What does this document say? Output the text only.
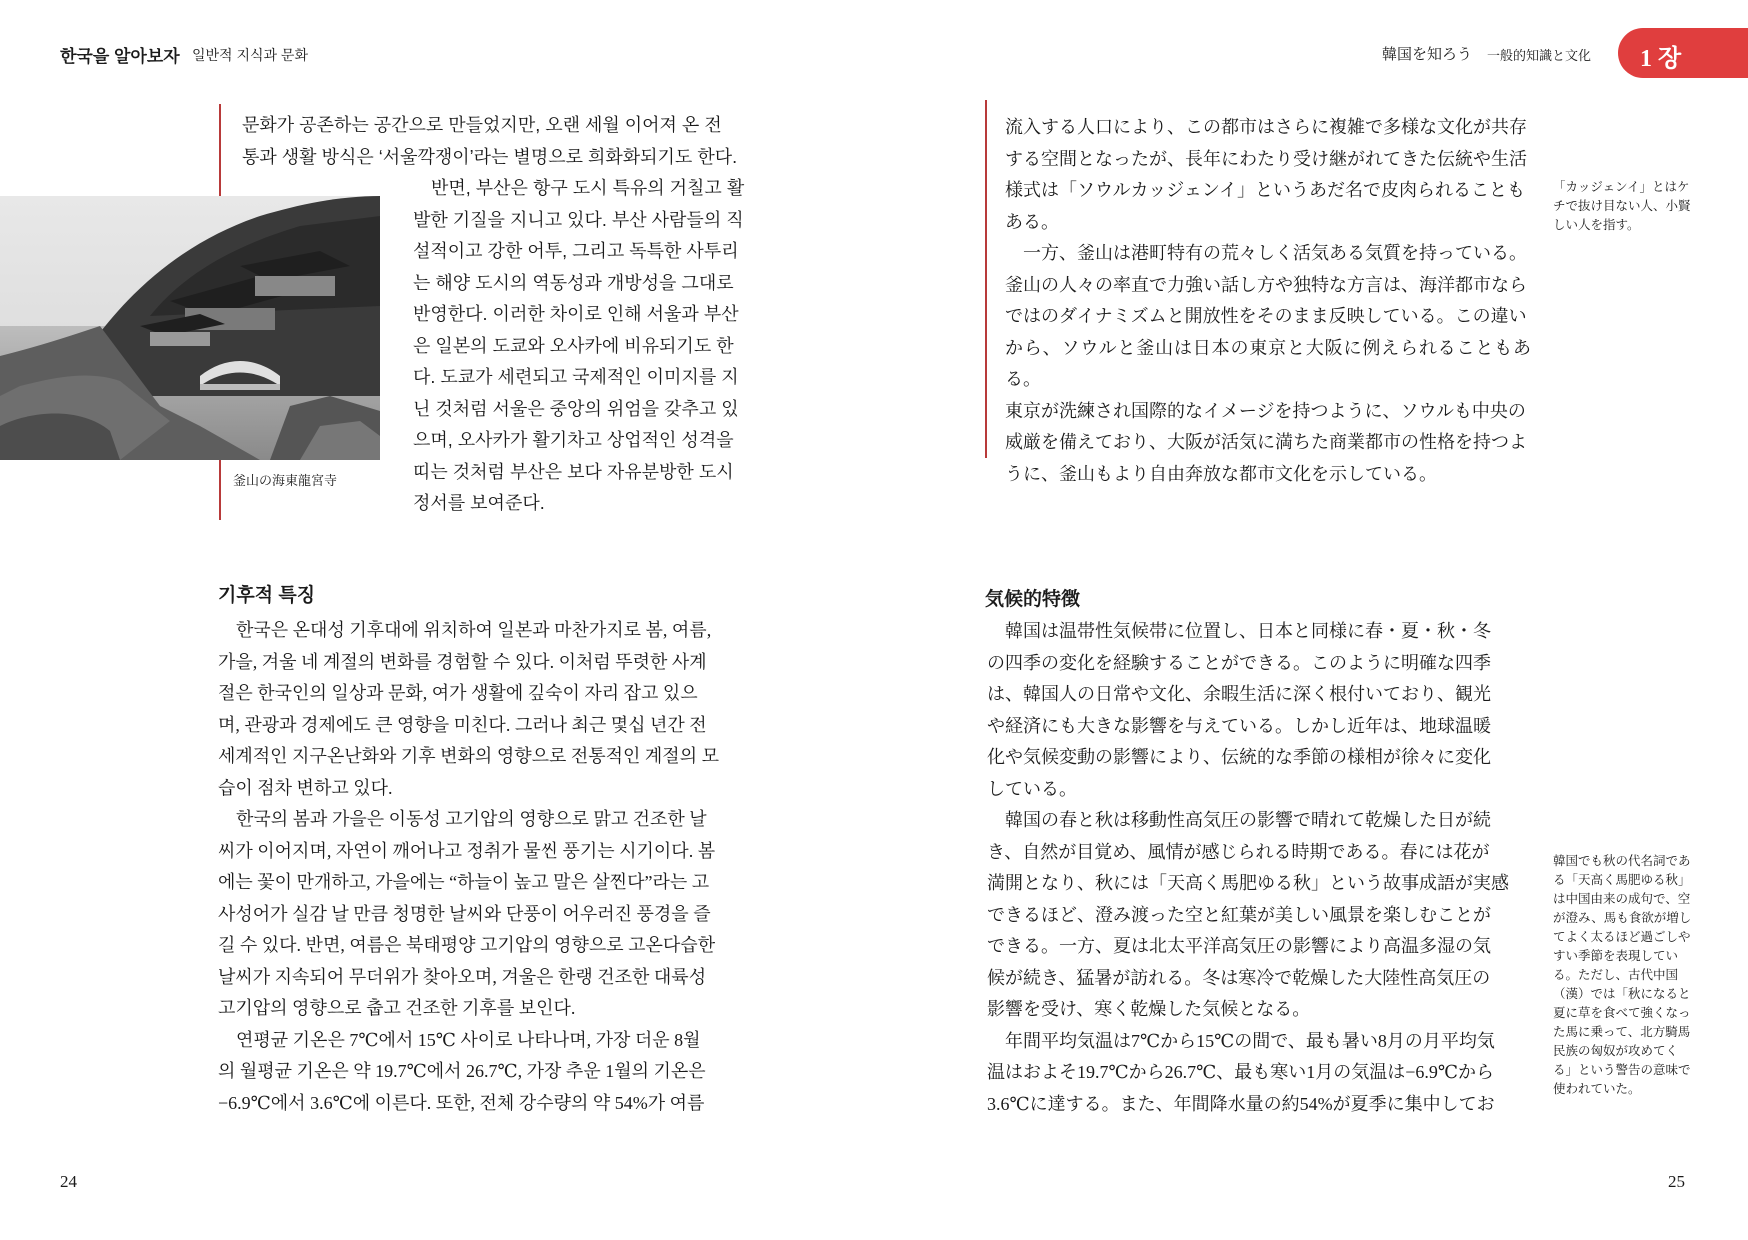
한국을 알아보자 일반적 지식과 문화	韓国を知ろう 一般的知識と文化 1 장

문화가 공존하는 공간으로 만들었지만, 오랜 세월 이어져 온 전

통과 생활 방식은 ‘서울깍쟁이’라는 별명으로 희화화되기도 한다.

釜山の海東龍宮寺

반면, 부산은 항구 도시 특유의 거칠고 활

발한 기질을 지니고 있다. 부산 사람들의 직

설적이고 강한 어투, 그리고 독특한 사투리

는 해양 도시의 역동성과 개방성을 그대로

반영한다. 이러한 차이로 인해 서울과 부산

은 일본의 도쿄와 오사카에 비유되기도 한

다. 도쿄가 세련되고 국제적인 이미지를 지

닌 것처럼 서울은 중앙의 위엄을 갖추고 있

으며, 오사카가 활기차고 상업적인 성격을

띠는 것처럼 부산은 보다 자유분방한 도시

정서를 보여준다.

기후적 특징

한국은 온대성 기후대에 위치하여 일본과 마찬가지로 봄, 여름,

가을, 겨울 네 계절의 변화를 경험할 수 있다. 이처럼 뚜렷한 사계

절은 한국인의 일상과 문화, 여가 생활에 깊숙이 자리 잡고 있으

며, 관광과 경제에도 큰 영향을 미친다. 그러나 최근 몇십 년간 전

세계적인 지구온난화와 기후 변화의 영향으로 전통적인 계절의 모

습이 점차 변하고 있다.

한국의 봄과 가을은 이동성 고기압의 영향으로 맑고 건조한 날

씨가 이어지며, 자연이 깨어나고 정취가 물씬 풍기는 시기이다. 봄

에는 꽃이 만개하고, 가을에는 “하늘이 높고 말은 살찐다”라는 고

사성어가 실감 날 만큼 청명한 날씨와 단풍이 어우러진 풍경을 즐

길 수 있다. 반면, 여름은 북태평양 고기압의 영향으로 고온다습한

날씨가 지속되어 무더위가 찾아오며, 겨울은 한랭 건조한 대륙성

고기압의 영향으로 춥고 건조한 기후를 보인다.

연평균 기온은 7℃에서 15℃ 사이로 나타나며, 가장 더운 8월

의 월평균 기온은 약 19.7℃에서 26.7℃, 가장 추운 1월의 기온은

−6.9℃에서 3.6℃에 이른다. 또한, 전체 강수량의 약 54%가 여름

24

流入する人口により、この都市はさらに複雑で多様な文化が共存

する空間となったが、長年にわたり受け継がれてきた伝統や生活

様式は「ソウルカッジェンイ」というあだ名で皮肉られることも

ある。

一方、釜山は港町特有の荒々しく活気ある気質を持っている。

釜山の人々の率直で力強い話し方や独特な方言は、海洋都市なら

ではのダイナミズムと開放性をそのまま反映している。この違い

から、ソウルと釜山は日本の東京と大阪に例えられることもある。

東京が洗練され国際的なイメージを持つように、ソウルも中央の

威厳を備えており、大阪が活気に満ちた商業都市の性格を持つよ

うに、釜山もより自由奔放な都市文化を示している。

「カッジェンイ」とはケチで抜け目ない人、小賢しい人を指す。
気候的特徴

韓国は温帯性気候帯に位置し、日本と同様に春・夏・秋・冬

の四季の変化を経験することができる。このように明確な四季

は、韓国人の日常や文化、余暇生活に深く根付いており、観光

や経済にも大きな影響を与えている。しかし近年は、地球温暖

化や気候変動の影響により、伝統的な季節の様相が徐々に変化

している。

韓国の春と秋は移動性高気圧の影響で晴れて乾燥した日が続

き、自然が目覚め、風情が感じられる時期である。春には花が

満開となり、秋には「天高く馬肥ゆる秋」という故事成語が実感

できるほど、澄み渡った空と紅葉が美しい風景を楽しむことが

できる。一方、夏は北太平洋高気圧の影響により高温多湿の気

候が続き、猛暑が訪れる。冬は寒冷で乾燥した大陸性高気圧の

影響を受け、寒く乾燥した気候となる。

年間平均気温は7℃から15℃の間で、最も暑い8月の月平均気

温はおよそ19.7℃から26.7℃、最も寒い1月の気温は−6.9℃から

3.6℃に達する。また、年間降水量の約54%が夏季に集中してお

韓国でも秋の代名詞である「天高く馬肥ゆる秋」は中国由来の成句で、空が澄み、馬も食欲が増してよく太るほど過ごしやすい季節を表現している。ただし、古代中国（漢）では「秋になると夏に草を食べて強くなった馬に乗って、北方騎馬民族の匈奴が攻めてくる」という警告の意味で使われていた。
25
